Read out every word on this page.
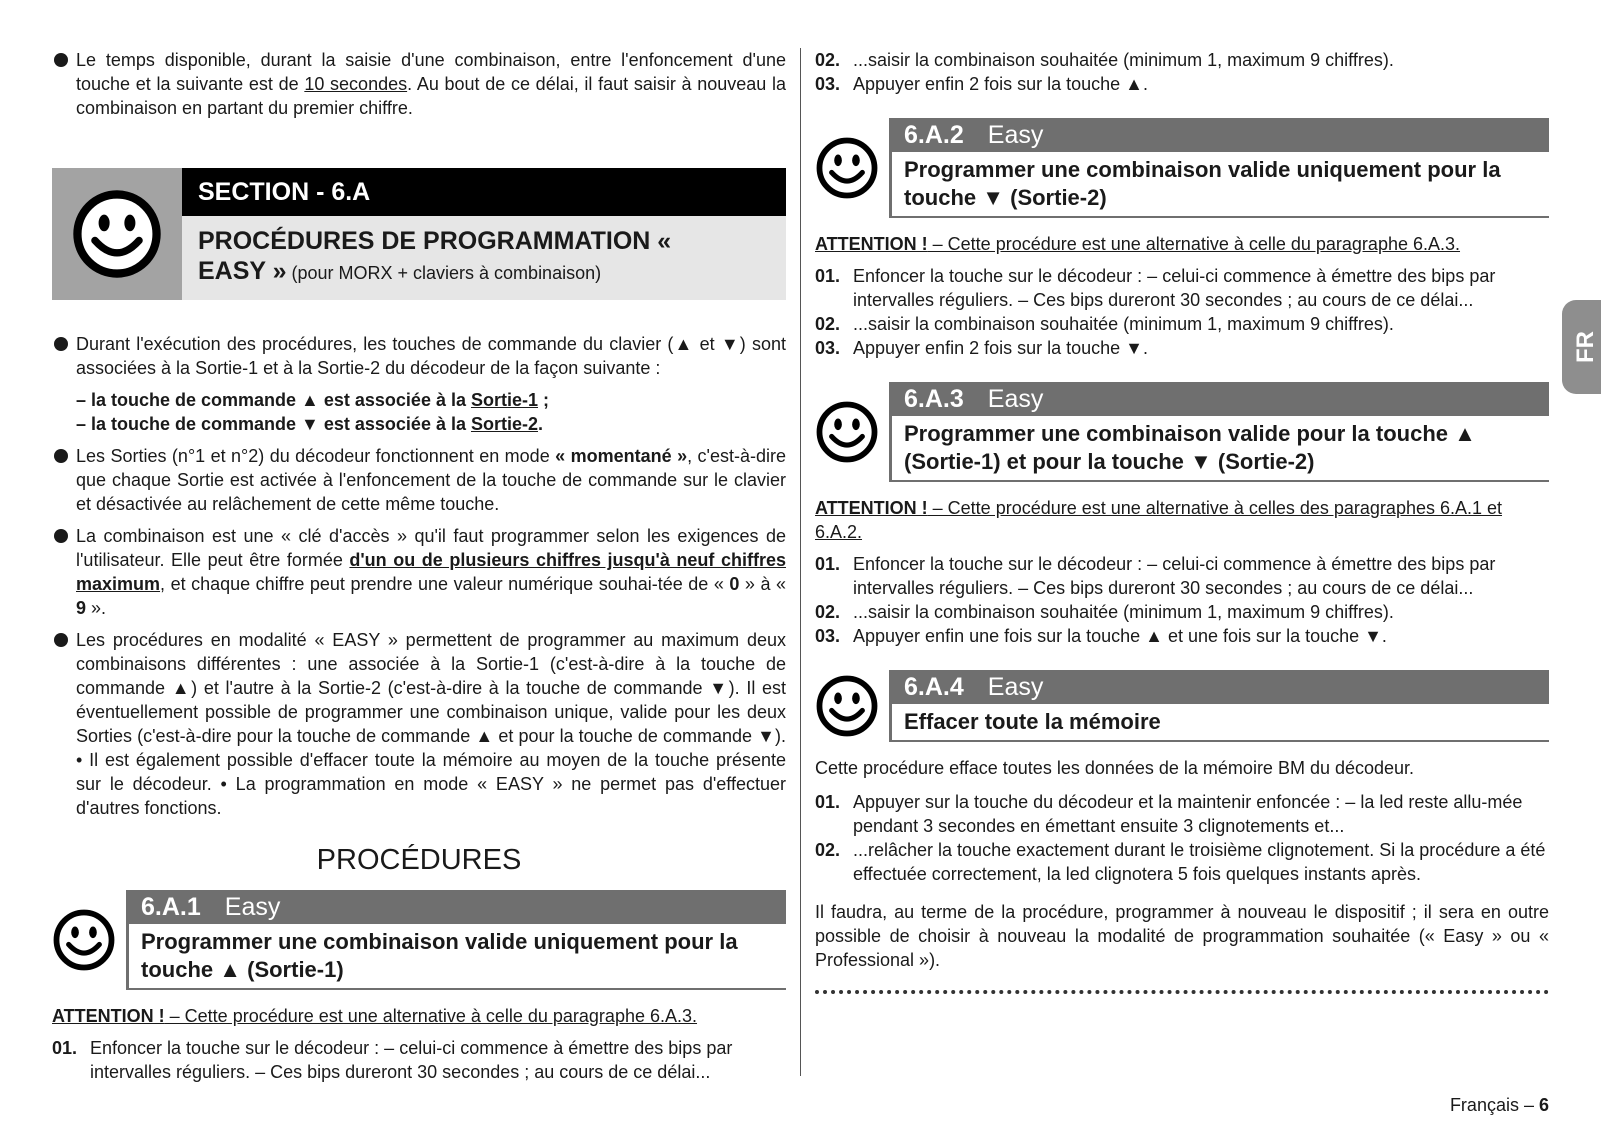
Le temps disponible, durant la saisie d'une combinaison, entre l'enfoncement d'une touche et la suivante est de 10 secondes. Au bout de ce délai, il faut saisir à nouveau la combinaison en partant du premier chiffre.
SECTION - 6.A
PROCÉDURES DE PROGRAMMATION «
EASY » (pour MORX + claviers à combinaison)
Durant l'exécution des procédures, les touches de commande du clavier (▲ et ▼) sont associées à la Sortie-1 et à la Sortie-2 du décodeur de la façon suivante :
– la touche de commande ▲ est associée à la Sortie-1 ;
– la touche de commande ▼ est associée à la Sortie-2.
Les Sorties (n°1 et n°2) du décodeur fonctionnent en mode « momentané », c'est-à-dire que chaque Sortie est activée à l'enfoncement de la touche de commande sur le clavier et désactivée au relâchement de cette même touche.
La combinaison est une « clé d'accès » qu'il faut programmer selon les exigences de l'utilisateur. Elle peut être formée d'un ou de plusieurs chiffres jusqu'à neuf chiffres maximum, et chaque chiffre peut prendre une valeur numérique souhai-tée de « 0 » à « 9 ».
Les procédures en modalité « EASY » permettent de programmer au maximum deux combinaisons différentes : une associée à la Sortie-1 (c'est-à-dire à la touche de commande ▲) et l'autre à la Sortie-2 (c'est-à-dire à la touche de commande ▼). Il est éventuellement possible de programmer une combinaison unique, valide pour les deux Sorties (c'est-à-dire pour la touche de commande ▲ et pour la touche de commande ▼). • Il est également possible d'effacer toute la mémoire au moyen de la touche présente sur le décodeur. • La programmation en mode « EASY » ne permet pas d'effectuer d'autres fonctions.
PROCÉDURES
6.A.1 Easy
Programmer une combinaison valide uniquement pour la touche ▲ (Sortie-1)
ATTENTION ! – Cette procédure est une alternative à celle du paragraphe 6.A.3.
01. Enfoncer la touche sur le décodeur : – celui-ci commence à émettre des bips par intervalles réguliers. – Ces bips dureront 30 secondes ; au cours de ce délai...
02. ...saisir la combinaison souhaitée (minimum 1, maximum 9 chiffres).
03. Appuyer enfin 2 fois sur la touche ▲.
6.A.2 Easy
Programmer une combinaison valide uniquement pour la touche ▼ (Sortie-2)
ATTENTION ! – Cette procédure est une alternative à celle du paragraphe 6.A.3.
01. Enfoncer la touche sur le décodeur : – celui-ci commence à émettre des bips par intervalles réguliers. – Ces bips dureront 30 secondes ; au cours de ce délai...
02. ...saisir la combinaison souhaitée (minimum 1, maximum 9 chiffres).
03. Appuyer enfin 2 fois sur la touche ▼.
6.A.3 Easy
Programmer une combinaison valide pour la touche ▲ (Sortie-1) et pour la touche ▼ (Sortie-2)
ATTENTION ! – Cette procédure est une alternative à celles des paragraphes 6.A.1 et 6.A.2.
01. Enfoncer la touche sur le décodeur : – celui-ci commence à émettre des bips par intervalles réguliers. – Ces bips dureront 30 secondes ; au cours de ce délai...
02. ...saisir la combinaison souhaitée (minimum 1, maximum 9 chiffres).
03. Appuyer enfin une fois sur la touche ▲ et une fois sur la touche ▼.
6.A.4 Easy
Effacer toute la mémoire
Cette procédure efface toutes les données de la mémoire BM du décodeur.
01. Appuyer sur la touche du décodeur et la maintenir enfoncée : – la led reste allu-mée pendant 3 secondes en émettant ensuite 3 clignotements et...
02. ...relâcher la touche exactement durant le troisième clignotement. Si la procédure a été effectuée correctement, la led clignotera 5 fois quelques instants après.
Il faudra, au terme de la procédure, programmer à nouveau le dispositif ; il sera en outre possible de choisir à nouveau la modalité de programmation souhaitée (« Easy » ou « Professional »).
FR
Français – 6
